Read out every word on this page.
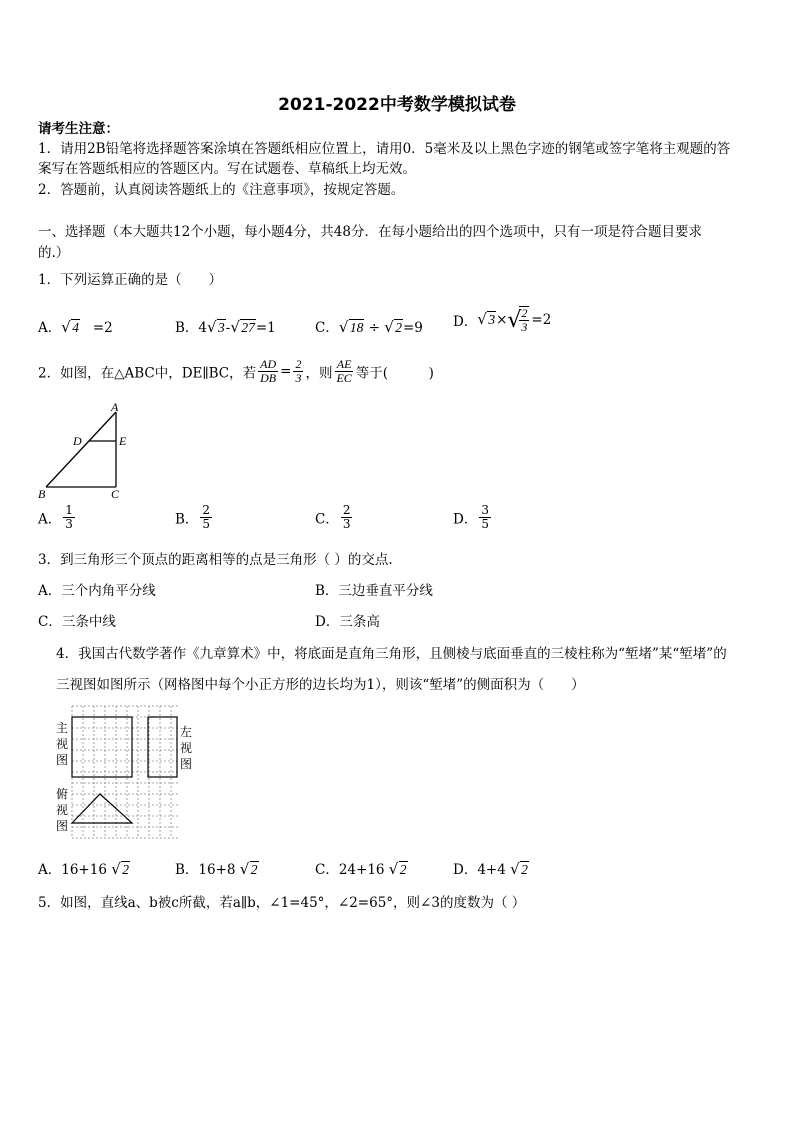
2021-2022中考数学模拟试卷
请考生注意：
1．请用2B铅笔将选择题答案涂填在答题纸相应位置上，请用0．5毫米及以上黑色字迹的钢笔或签字笔将主观题的答
案写在答题纸相应的答题区内。写在试题卷、草稿纸上均无效。
2．答题前，认真阅读答题纸上的《注意事项》，按规定答题。
一、选择题（本大题共12个小题，每小题4分，共48分．在每小题给出的四个选项中，只有一项是符合题目要求
的.）
1．下列运算正确的是（　　）
A． √ 4 =2	B．4 √ 3- √ 27=1	C． √ 18 ÷ √ 2=9 D． √ 3× √
$\frac{2}{3} =2$
2．如图，在△ABC中，DE∥BC，若 $\frac{AD}{DB} = \frac{2}{3}$ ，则 $\frac{AE}{EC}$ 等于(　　　)
A
D	E
B	C
A． $\frac{1}{3}$	B． $\frac{2}{5}$	C． $\frac{2}{3}$	D． $\frac{3}{5}$
3．到三角形三个顶点的距离相等的点是三角形（ ）的交点.
A．三个内角平分线	B．三边垂直平分线
C．三条中线	D．三条高
4．我国古代数学著作《九章算术》中，将底面是直角三角形，且侧棱与底面垂直的三棱柱称为“堑堵”某“堑堵”的
三视图如图所示（网格图中每个小正方形的边长均为1），则该“堑堵”的侧面积为（　　）
主
视
图
左
视
图
俯
视
图
A．16+16 √ 2	B．16+8 √ 2	C．24+16 √ 2	D．4+4 √ 2
5．如图，直线a、b被c所截，若a∥b，∠1=45°，∠2=65°，则∠3的度数为（ ）
